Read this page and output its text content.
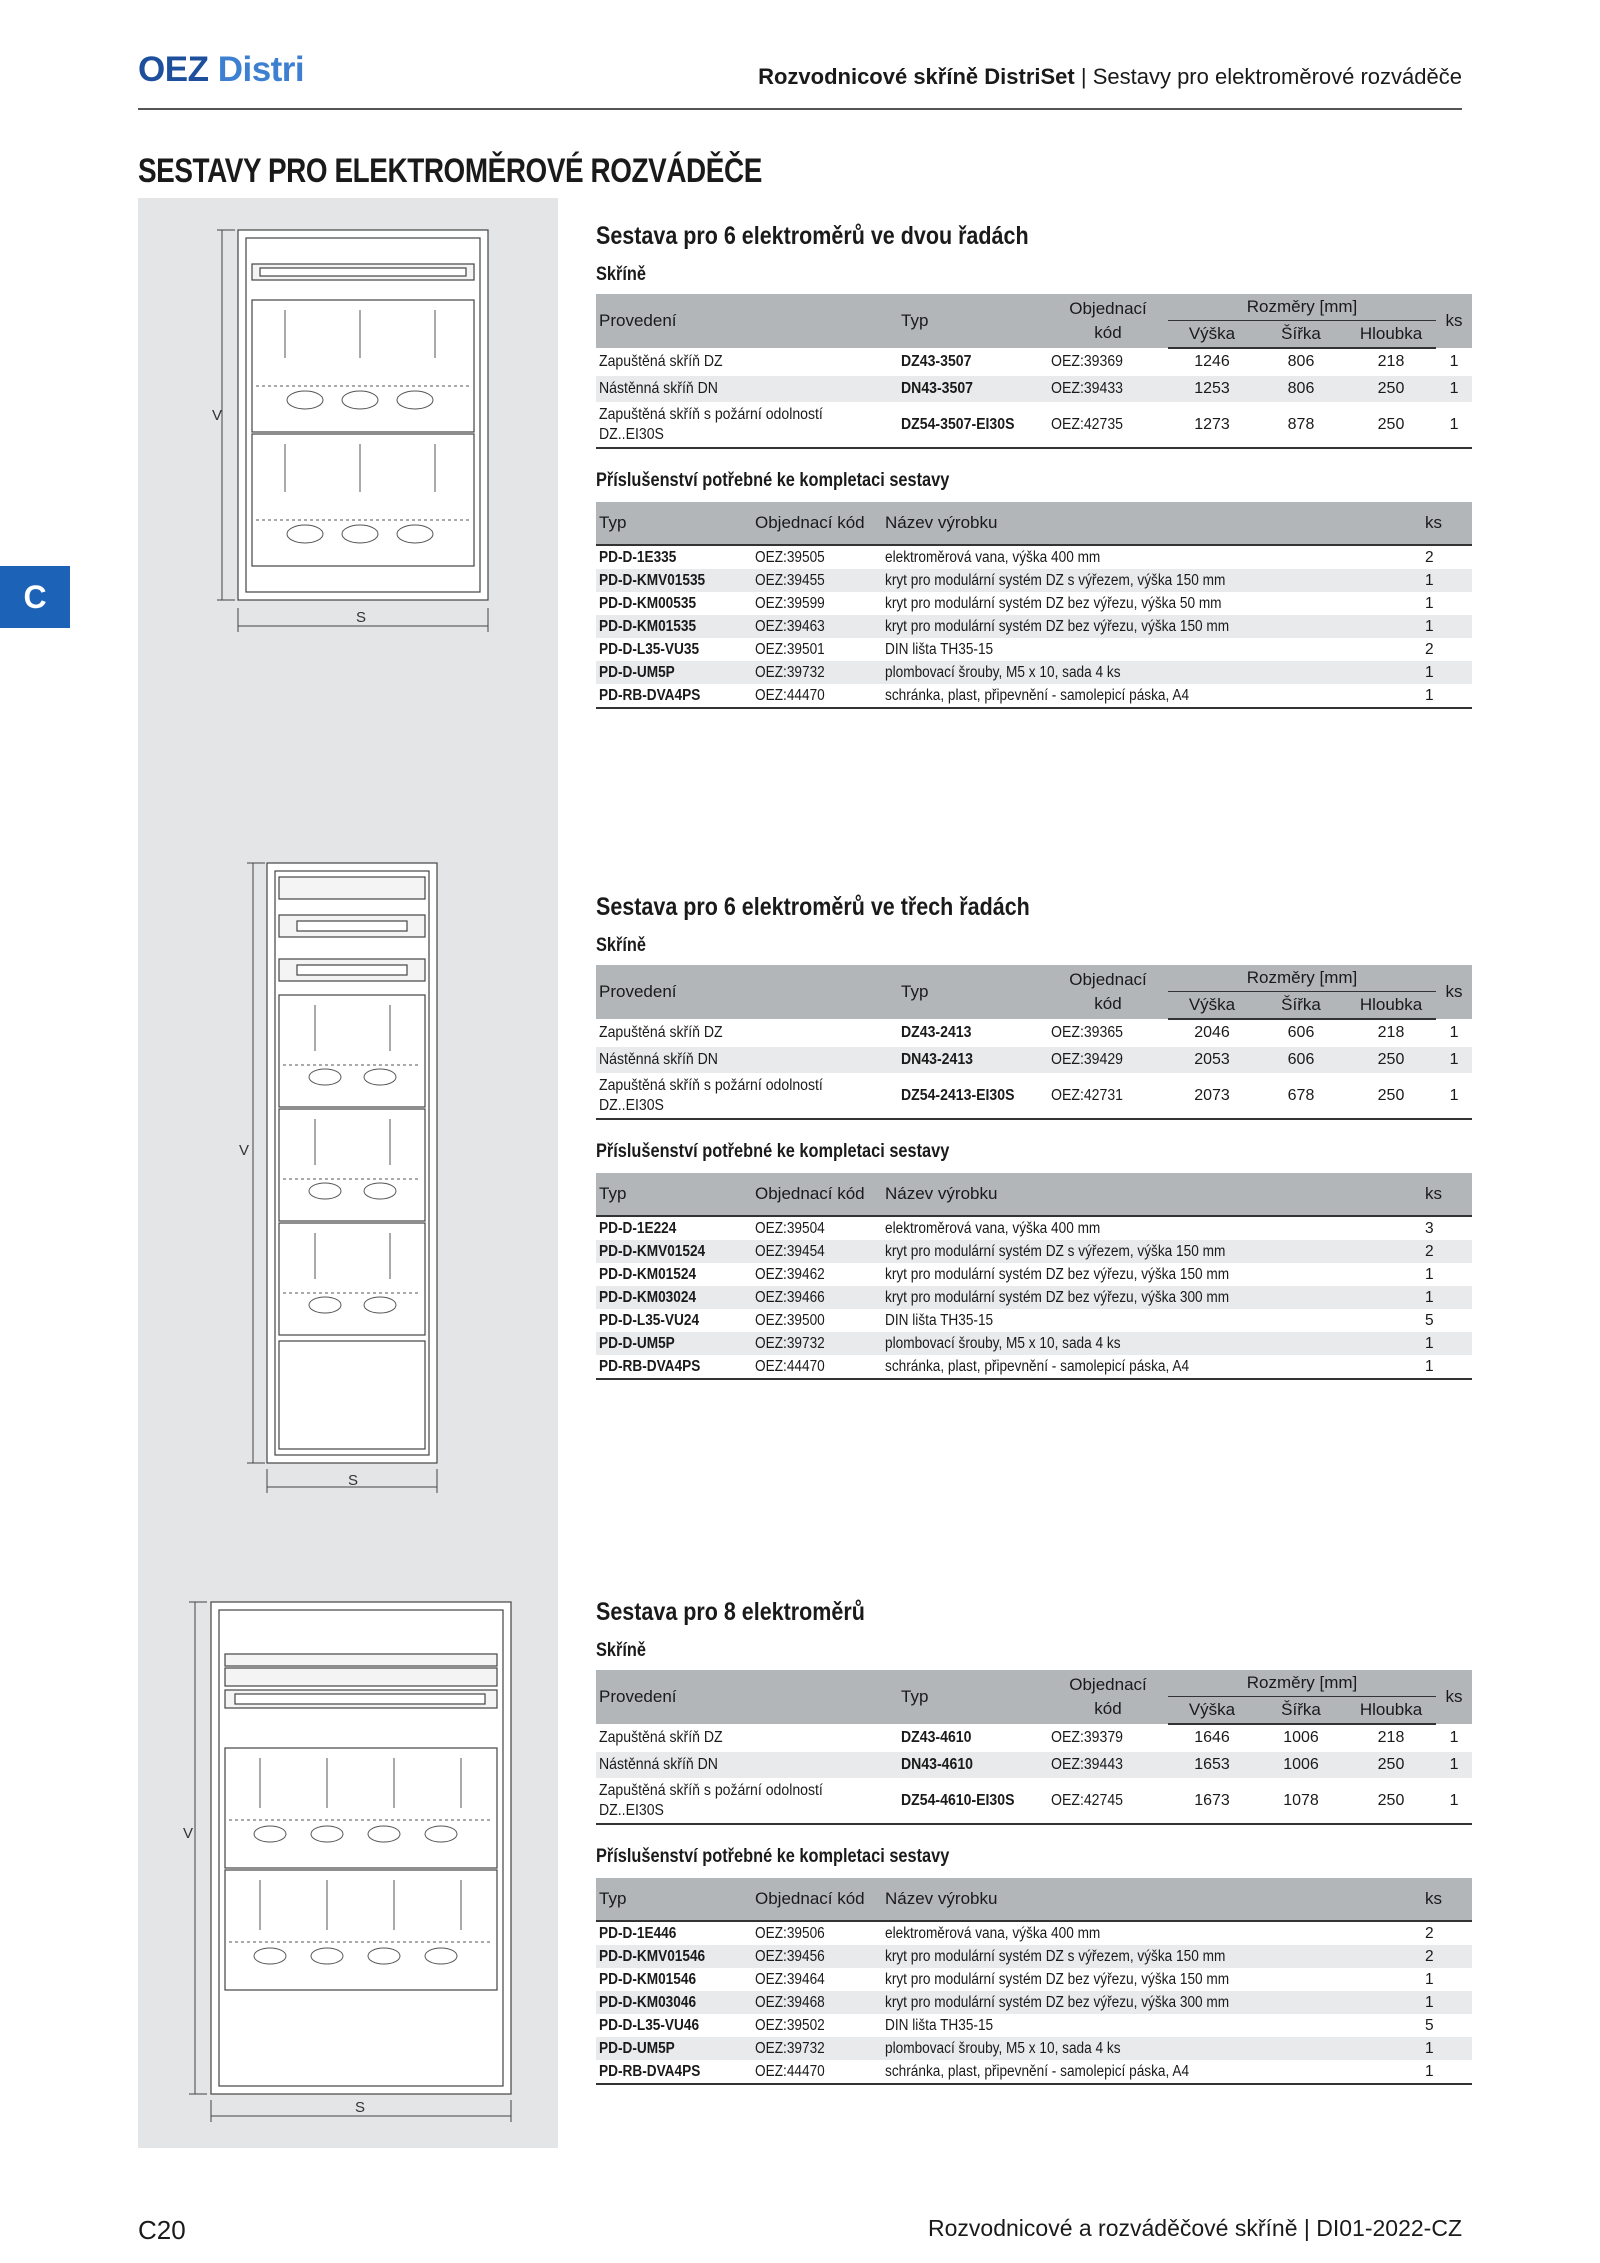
OEZ Distri	Rozvodnicové skříně DistriSet | Sestavy pro elektroměrové rozváděče
SESTAVY PRO ELEKTROMĚROVÉ ROZVÁDĚČE
C
V
S
V
S
V
S
Sestava pro 6 elektroměrů ve dvou řadách
Skříně
Provedení	Typ	Objednací
kód	Rozměry [mm]			ks
			Výška	Šířka	Hloubka	
Zapuštěná skříň DZ	DZ43-3507	OEZ:39369	1246	806	218	1
Nástěnná skříň DN	DN43-3507	OEZ:39433	1253	806	250	1
Zapuštěná skříň s požární odolností
DZ..EI30S	DZ54-3507-EI30S	OEZ:42735	1273	878	250	1
Příslušenství potřebné ke kompletaci sestavy
Typ	Objednací kód	Název výrobku	ks
PD-D-1E335	OEZ:39505	elektroměrová vana, výška 400 mm	2
PD-D-KMV01535	OEZ:39455	kryt pro modulární systém DZ s výřezem, výška 150 mm	1
PD-D-KM00535	OEZ:39599	kryt pro modulární systém DZ bez výřezu, výška 50 mm	1
PD-D-KM01535	OEZ:39463	kryt pro modulární systém DZ bez výřezu, výška 150 mm	1
PD-D-L35-VU35	OEZ:39501	DIN lišta TH35-15	2
PD-D-UM5P	OEZ:39732	plombovací šrouby, M5 x 10, sada 4 ks	1
PD-RB-DVA4PS	OEZ:44470	schránka, plast, připevnění - samolepicí páska, A4	1
Sestava pro 6 elektroměrů ve třech řadách
Skříně
Provedení	Typ	Objednací
kód	Rozměry [mm]			ks
			Výška	Šířka	Hloubka	
Zapuštěná skříň DZ	DZ43-2413	OEZ:39365	2046	606	218	1
Nástěnná skříň DN	DN43-2413	OEZ:39429	2053	606	250	1
Zapuštěná skříň s požární odolností
DZ..EI30S	DZ54-2413-EI30S	OEZ:42731	2073	678	250	1
Příslušenství potřebné ke kompletaci sestavy
Typ	Objednací kód	Název výrobku	ks
PD-D-1E224	OEZ:39504	elektroměrová vana, výška 400 mm	3
PD-D-KMV01524	OEZ:39454	kryt pro modulární systém DZ s výřezem, výška 150 mm	2
PD-D-KM01524	OEZ:39462	kryt pro modulární systém DZ bez výřezu, výška 150 mm	1
PD-D-KM03024	OEZ:39466	kryt pro modulární systém DZ bez výřezu, výška 300 mm	1
PD-D-L35-VU24	OEZ:39500	DIN lišta TH35-15	5
PD-D-UM5P	OEZ:39732	plombovací šrouby, M5 x 10, sada 4 ks	1
PD-RB-DVA4PS	OEZ:44470	schránka, plast, připevnění - samolepicí páska, A4	1
Sestava pro 8 elektroměrů
Skříně
Provedení	Typ	Objednací
kód	Rozměry [mm]			ks
			Výška	Šířka	Hloubka	
Zapuštěná skříň DZ	DZ43-4610	OEZ:39379	1646	1006	218	1
Nástěnná skříň DN	DN43-4610	OEZ:39443	1653	1006	250	1
Zapuštěná skříň s požární odolností
DZ..EI30S	DZ54-4610-EI30S	OEZ:42745	1673	1078	250	1
Příslušenství potřebné ke kompletaci sestavy
Typ	Objednací kód	Název výrobku	ks
PD-D-1E446	OEZ:39506	elektroměrová vana, výška 400 mm	2
PD-D-KMV01546	OEZ:39456	kryt pro modulární systém DZ s výřezem, výška 150 mm	2
PD-D-KM01546	OEZ:39464	kryt pro modulární systém DZ bez výřezu, výška 150 mm	1
PD-D-KM03046	OEZ:39468	kryt pro modulární systém DZ bez výřezu, výška 300 mm	1
PD-D-L35-VU46	OEZ:39502	DIN lišta TH35-15	5
PD-D-UM5P	OEZ:39732	plombovací šrouby, M5 x 10, sada 4 ks	1
PD-RB-DVA4PS	OEZ:44470	schránka, plast, připevnění - samolepicí páska, A4	1
C20	Rozvodnicové a rozváděčové skříně | DI01-2022-CZ
